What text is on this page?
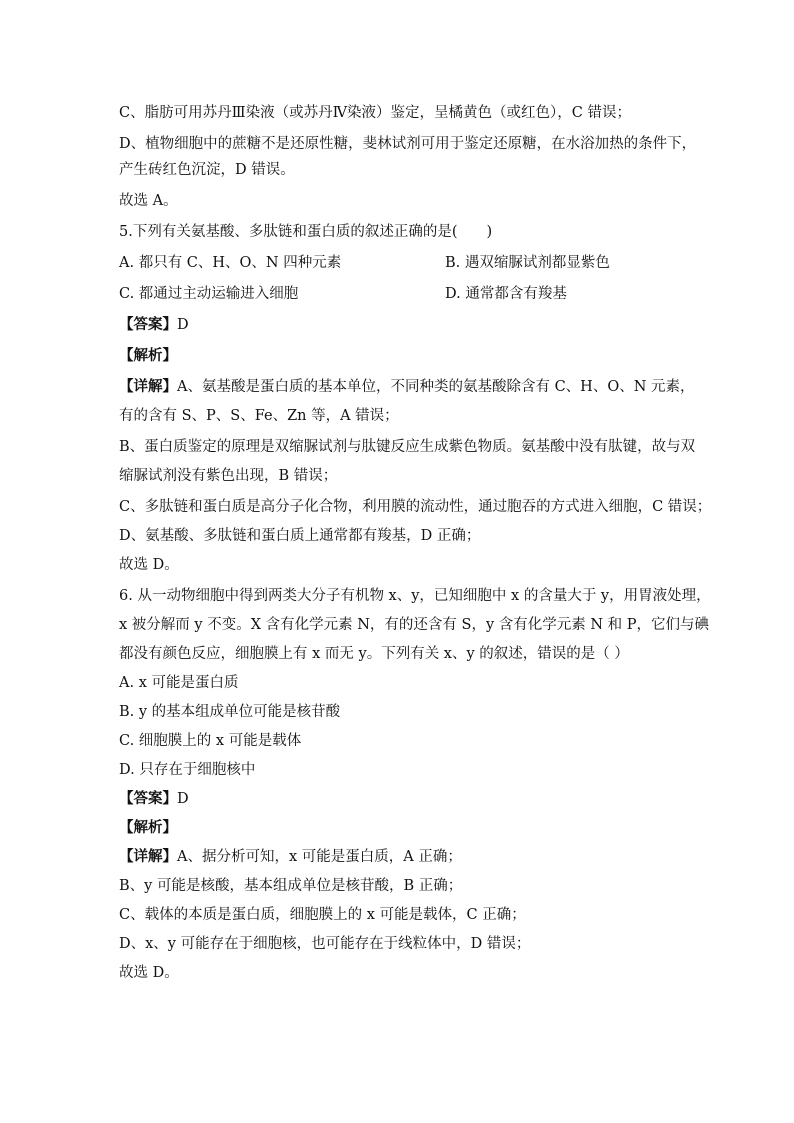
C、脂肪可用苏丹Ⅲ染液（或苏丹Ⅳ染液）鉴定，呈橘黄色（或红色），C 错误；

D、植物细胞中的蔗糖不是还原性糖，斐林试剂可用于鉴定还原糖，在水浴加热的条件下，

产生砖红色沉淀，D 错误。

故选 A。

5.下列有关氨基酸、多肽链和蛋白质的叙述正确的是(　　)

A. 都只有 C、H、O、N 四种元素	B. 遇双缩脲试剂都显紫色
C. 都通过主动运输进入细胞	D. 通常都含有羧基

【答案】D

【解析】

【详解】A、氨基酸是蛋白质的基本单位，不同种类的氨基酸除含有 C、H、O、N 元素，

有的含有 S、P、S、Fe、Zn 等，A 错误；

B、蛋白质鉴定的原理是双缩脲试剂与肽键反应生成紫色物质。氨基酸中没有肽键，故与双

缩脲试剂没有紫色出现，B 错误；

C、多肽链和蛋白质是高分子化合物，利用膜的流动性，通过胞吞的方式进入细胞，C 错误；

D、氨基酸、多肽链和蛋白质上通常都有羧基，D 正确；

故选 D。

6. 从一动物细胞中得到两类大分子有机物 x、y，已知细胞中 x 的含量大于 y，用胃液处理，

x 被分解而 y 不变。X 含有化学元素 N，有的还含有 S，y 含有化学元素 N 和 P，它们与碘

都没有颜色反应，细胞膜上有 x 而无 y。下列有关 x、y 的叙述，错误的是（ ）

A. x 可能是蛋白质

B. y 的基本组成单位可能是核苷酸

C. 细胞膜上的 x 可能是载体

D. 只存在于细胞核中

【答案】D

【解析】

【详解】A、据分析可知，x 可能是蛋白质，A 正确；

B、y 可能是核酸，基本组成单位是核苷酸，B 正确；

C、载体的本质是蛋白质，细胞膜上的 x 可能是载体，C 正确；

D、x、y 可能存在于细胞核，也可能存在于线粒体中，D 错误；

故选 D。
